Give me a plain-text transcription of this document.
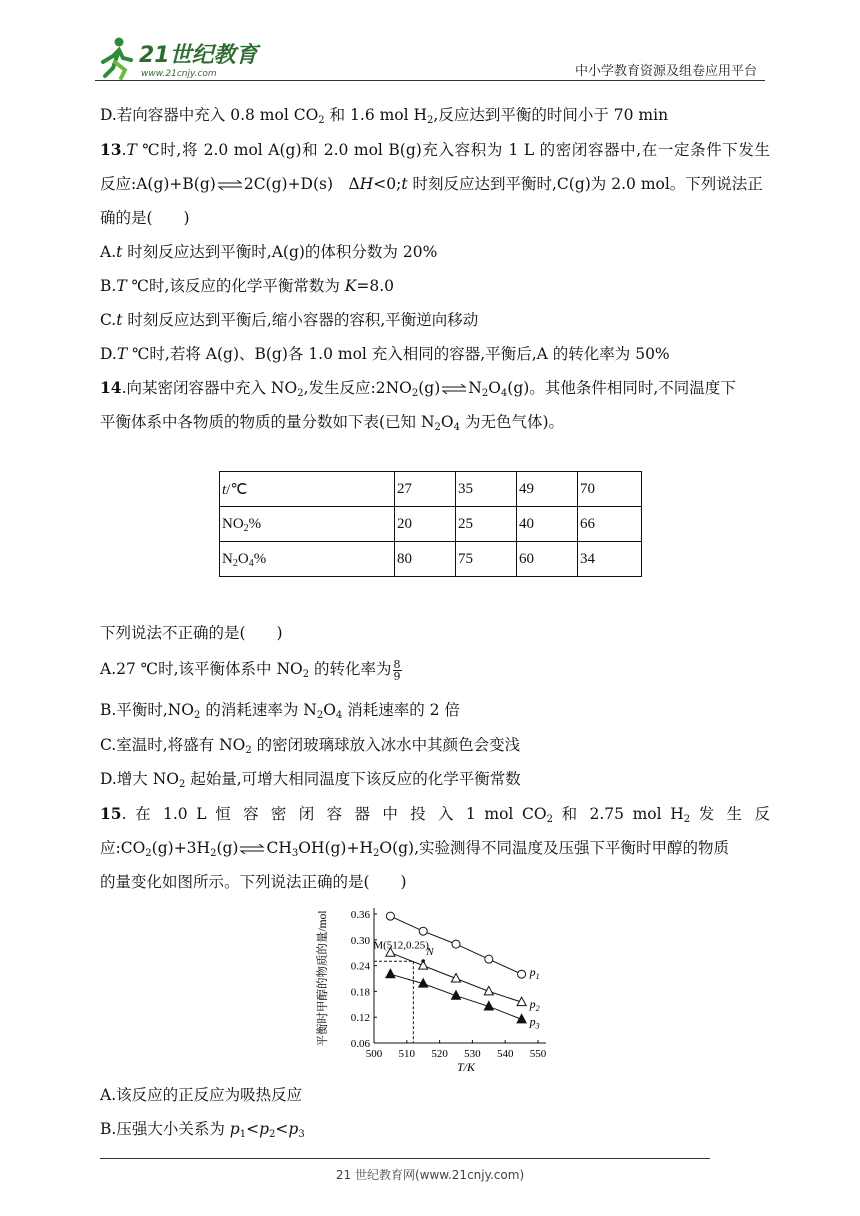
21世纪教育
www.21cnjy.com	中小学教育资源及组卷应用平台
D.若向容器中充入 0.8 mol $CO_2$ 和 1.6 mol $H_2$,反应达到平衡的时间小于 70 min
13.T ℃时,将 2.0 mol A(g)和 2.0 mol B(g)充入容积为 1 L 的密闭容器中,在一定条件下发生
反应:A(g)+B(g)⇌2C(g)+D(s)　ΔH<0;t 时刻反应达到平衡时,C(g)为 2.0 mol。下列说法正
确的是(　　)
A.t 时刻反应达到平衡时,A(g)的体积分数为 20%
B.T ℃时,该反应的化学平衡常数为 K=8.0
C.t 时刻反应达到平衡后,缩小容器的容积,平衡逆向移动
D.T ℃时,若将 A(g)、B(g)各 1.0 mol 充入相同的容器,平衡后,A 的转化率为 50%
14.向某密闭容器中充入 $NO_2$,发生反应$:2NO_2(g)\rightleftharpoons N_2O_4(g)$。其他条件相同时,不同温度下
平衡体系中各物质的物质的量分数如下表(已知 $N_2O_4$ 为无色气体)。
t/℃	27	35	49	70
$NO_2\%$	20	25	40	66
$N_2O_4\%$	80	75	60	34
下列说法不正确的是(　　)
A.27 ℃时,该平衡体系中 $NO_2$ 的转化率为 $\frac{8}{9}$
B.平衡时$,NO_2$ 的消耗速率为 $N_2O_4$ 消耗速率的 2 倍
C.室温时,将盛有 $NO_2$ 的密闭玻璃球放入冰水中其颜色会变浅
D.增大 $NO_2$ 起始量,可增大相同温度下该反应的化学平衡常数
15. 在 1.0 L 恒 容 密 闭 容 器 中 投 入 1 mol $CO_2$ 和 2.75 mol $H_2$ 发 生 反
应$:CO_2(g)+3H_2(g)\rightleftharpoons CH_3OH(g)+H_2O(g)$,实验测得不同温度及压强下平衡时甲醇的物质
的量变化如图所示。下列说法正确的是(　　)
500 510 520 530 540 550
0.06
0.12
0.18
0.24
0.30
0.36
T/K
平衡时甲醇的物质的量/mol	$p_1$
$p_2$
$p_3$
M(512,0.25)
N
A.该反应的正反应为吸热反应
B.压强大小关系为 $p_1<p_2<p_3$
21 世纪教育网(www.21cnjy.com)
